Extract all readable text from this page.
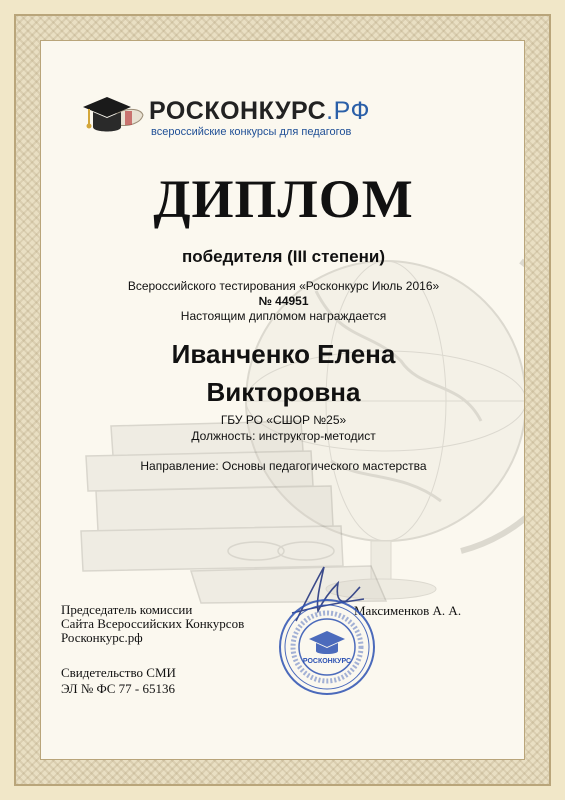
РОСКОНКУРС.РФ
всероссийские конкурсы для педагогов
ДИПЛОМ
победителя (III степени)
Всероссийского тестирования «Росконкурс Июль 2016»
№ 44951
Настоящим дипломом награждается
Иванченко Елена
Викторовна
ГБУ РО «СШОР №25»
Должность: инструктор-методист
Направление: Основы педагогического мастерства
Председатель комиссии
Сайта Всероссийских Конкурсов
Росконкурс.рф
Максименков А. А.
РОСКОНКУРС
Свидетельство СМИ
ЭЛ № ФС 77 - 65136
